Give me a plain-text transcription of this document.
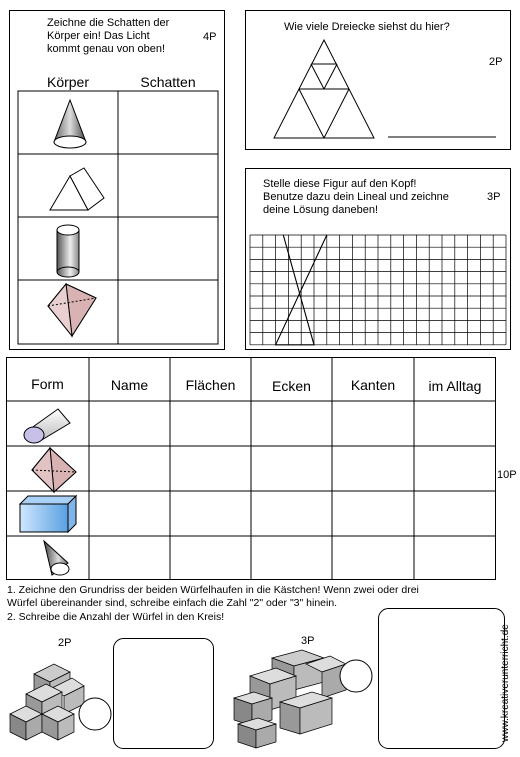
Zeichne die Schatten der
Körper ein! Das Licht
kommt genau von oben!
4P
Körper	Schatten
Wie viele Dreiecke siehst du hier?
2P
Stelle diese Figur auf den Kopf!
Benutze dazu dein Lineal und zeichne
deine Lösung daneben!
3P
Form	Name	Flächen	Ecken	Kanten	im Alltag
10P
1. Zeichne den Grundriss der beiden Würfelhaufen in die Kästchen! Wenn zwei oder drei
Würfel übereinander sind, schreibe einfach die Zahl "2" oder "3" hinein.
2. Schreibe die Anzahl der Würfel in den Kreis!
2P	3P	www.kreativerunterricht.de
